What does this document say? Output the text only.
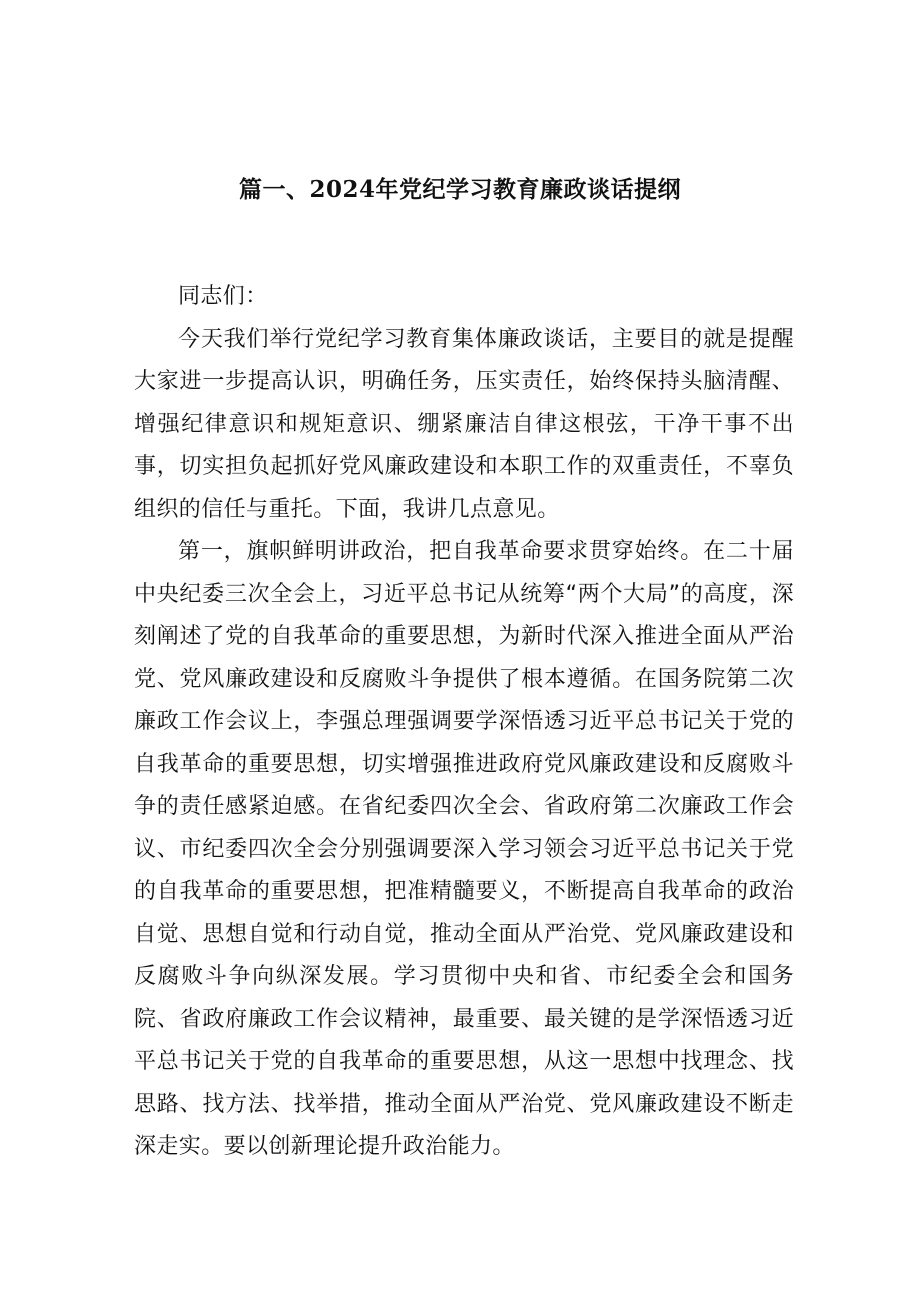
篇一、2024年党纪学习教育廉政谈话提纲

同志们：

今天我们举行党纪学习教育集体廉政谈话，主要目的就是提醒大家进一步提高认识，明确任务，压实责任，始终保持头脑清醒、增强纪律意识和规矩意识、绷紧廉洁自律这根弦，干净干事不出事，切实担负起抓好党风廉政建设和本职工作的双重责任，不辜负组织的信任与重托。下面，我讲几点意见。

第一，旗帜鲜明讲政治，把自我革命要求贯穿始终。在二十届中央纪委三次全会上，习近平总书记从统筹“两个大局”的高度，深刻阐述了党的自我革命的重要思想，为新时代深入推进全面从严治党、党风廉政建设和反腐败斗争提供了根本遵循。在国务院第二次廉政工作会议上，李强总理强调要学深悟透习近平总书记关于党的自我革命的重要思想，切实增强推进政府党风廉政建设和反腐败斗争的责任感紧迫感。在省纪委四次全会、省政府第二次廉政工作会议、市纪委四次全会分别强调要深入学习领会习近平总书记关于党的自我革命的重要思想，把准精髓要义，不断提高自我革命的政治自觉、思想自觉和行动自觉，推动全面从严治党、党风廉政建设和反腐败斗争向纵深发展。学习贯彻中央和省、市纪委全会和国务院、省政府廉政工作会议精神，最重要、最关键的是学深悟透习近平总书记关于党的自我革命的重要思想，从这一思想中找理念、找思路、找方法、找举措，推动全面从严治党、党风廉政建设不断走深走实。要以创新理论提升政治能力。
